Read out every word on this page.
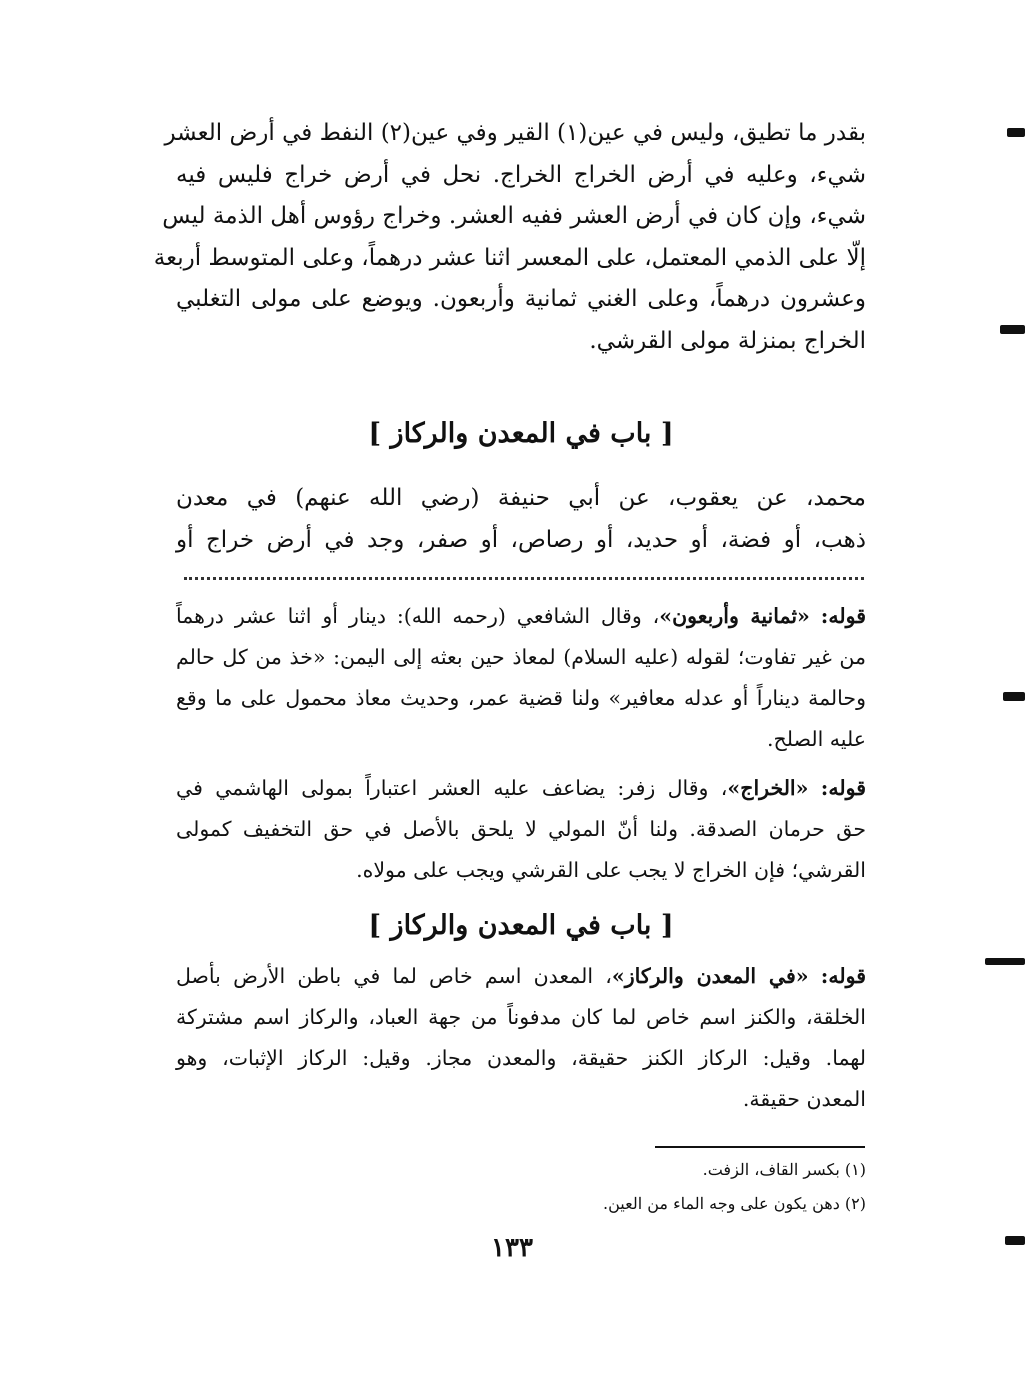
بقدر ما تطيق، وليس في عين(١) القير وفي عين(٢) النفط في أرض العشر
شيء، وعليه في أرض الخراج الخراج. نحل في أرض خراج فليس فيه
شيء، وإن كان في أرض العشر ففيه العشر. وخراج رؤوس أهل الذمة ليس
إلّا على الذمي المعتمل، على المعسر اثنا عشر درهماً، وعلى المتوسط أربعة
وعشرون درهماً، وعلى الغني ثمانية وأربعون. ويوضع على مولى التغلبي
الخراج بمنزلة مولى القرشي.
[ باب في المعدن والركاز ]
محمد، عن يعقوب، عن أبي حنيفة (رضي الله عنهم) في معدن
ذهب، أو فضة، أو حديد، أو رصاص، أو صفر، وجد في أرض خراج أو
قوله: «ثمانية وأربعون»، وقال الشافعي (رحمه الله): دينار أو اثنا عشر درهماً
من غير تفاوت؛ لقوله (عليه السلام) لمعاذ حين بعثه إلى اليمن: «خذ من كل حالم
وحالمة ديناراً أو عدله معافير» ولنا قضية عمر، وحديث معاذ محمول على ما وقع
عليه الصلح.
قوله: «الخراج»، وقال زفر: يضاعف عليه العشر اعتباراً بمولى الهاشمي في
حق حرمان الصدقة. ولنا أنّ المولي لا يلحق بالأصل في حق التخفيف كمولى
القرشي؛ فإن الخراج لا يجب على القرشي ويجب على مولاه.
[ باب في المعدن والركاز ]
قوله: «في المعدن والركاز»، المعدن اسم خاص لما في باطن الأرض بأصل
الخلقة، والكنز اسم خاص لما كان مدفوناً من جهة العباد، والركاز اسم مشتركة
لهما. وقيل: الركاز الكنز حقيقة، والمعدن مجاز. وقيل: الركاز الإثبات، وهو
المعدن حقيقة.
(١) بكسر القاف، الزفت.
(٢) دهن يكون على وجه الماء من العين.
١٣٣
